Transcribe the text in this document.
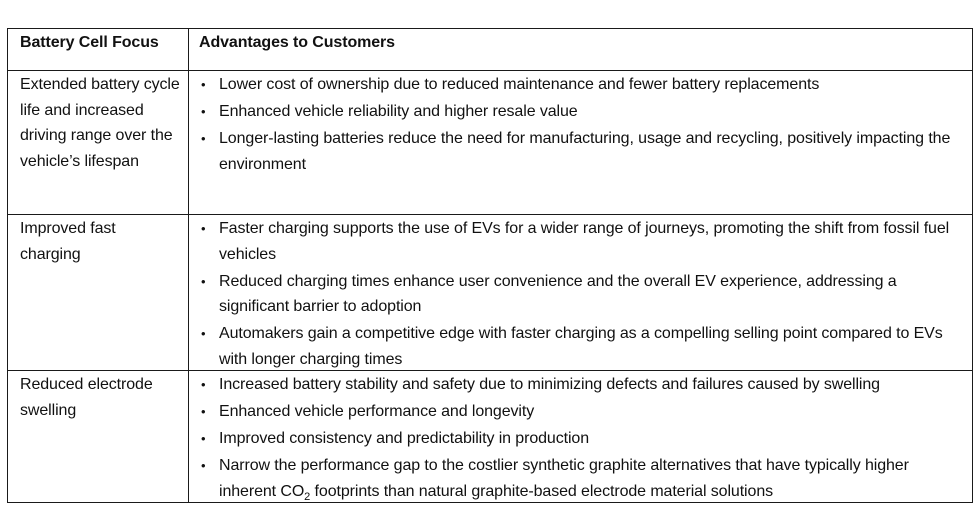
Battery Cell Focus	Advantages to Customers
Extended battery cycle life and increased driving range over the vehicle’s lifespan
• Lower cost of ownership due to reduced maintenance and fewer battery replacements
• Enhanced vehicle reliability and higher resale value
• Longer-lasting batteries reduce the need for manufacturing, usage and recycling, positively impacting the environment
Improved fast charging
• Faster charging supports the use of EVs for a wider range of journeys, promoting the shift from fossil fuel vehicles
• Reduced charging times enhance user convenience and the overall EV experience, addressing a significant barrier to adoption
• Automakers gain a competitive edge with faster charging as a compelling selling point compared to EVs with longer charging times
Reduced electrode swelling
• Increased battery stability and safety due to minimizing defects and failures caused by swelling
• Enhanced vehicle performance and longevity
• Improved consistency and predictability in production
• Narrow the performance gap to the costlier synthetic graphite alternatives that have typically higher inherent $CO_2$ footprints than natural graphite-based electrode material solutions
